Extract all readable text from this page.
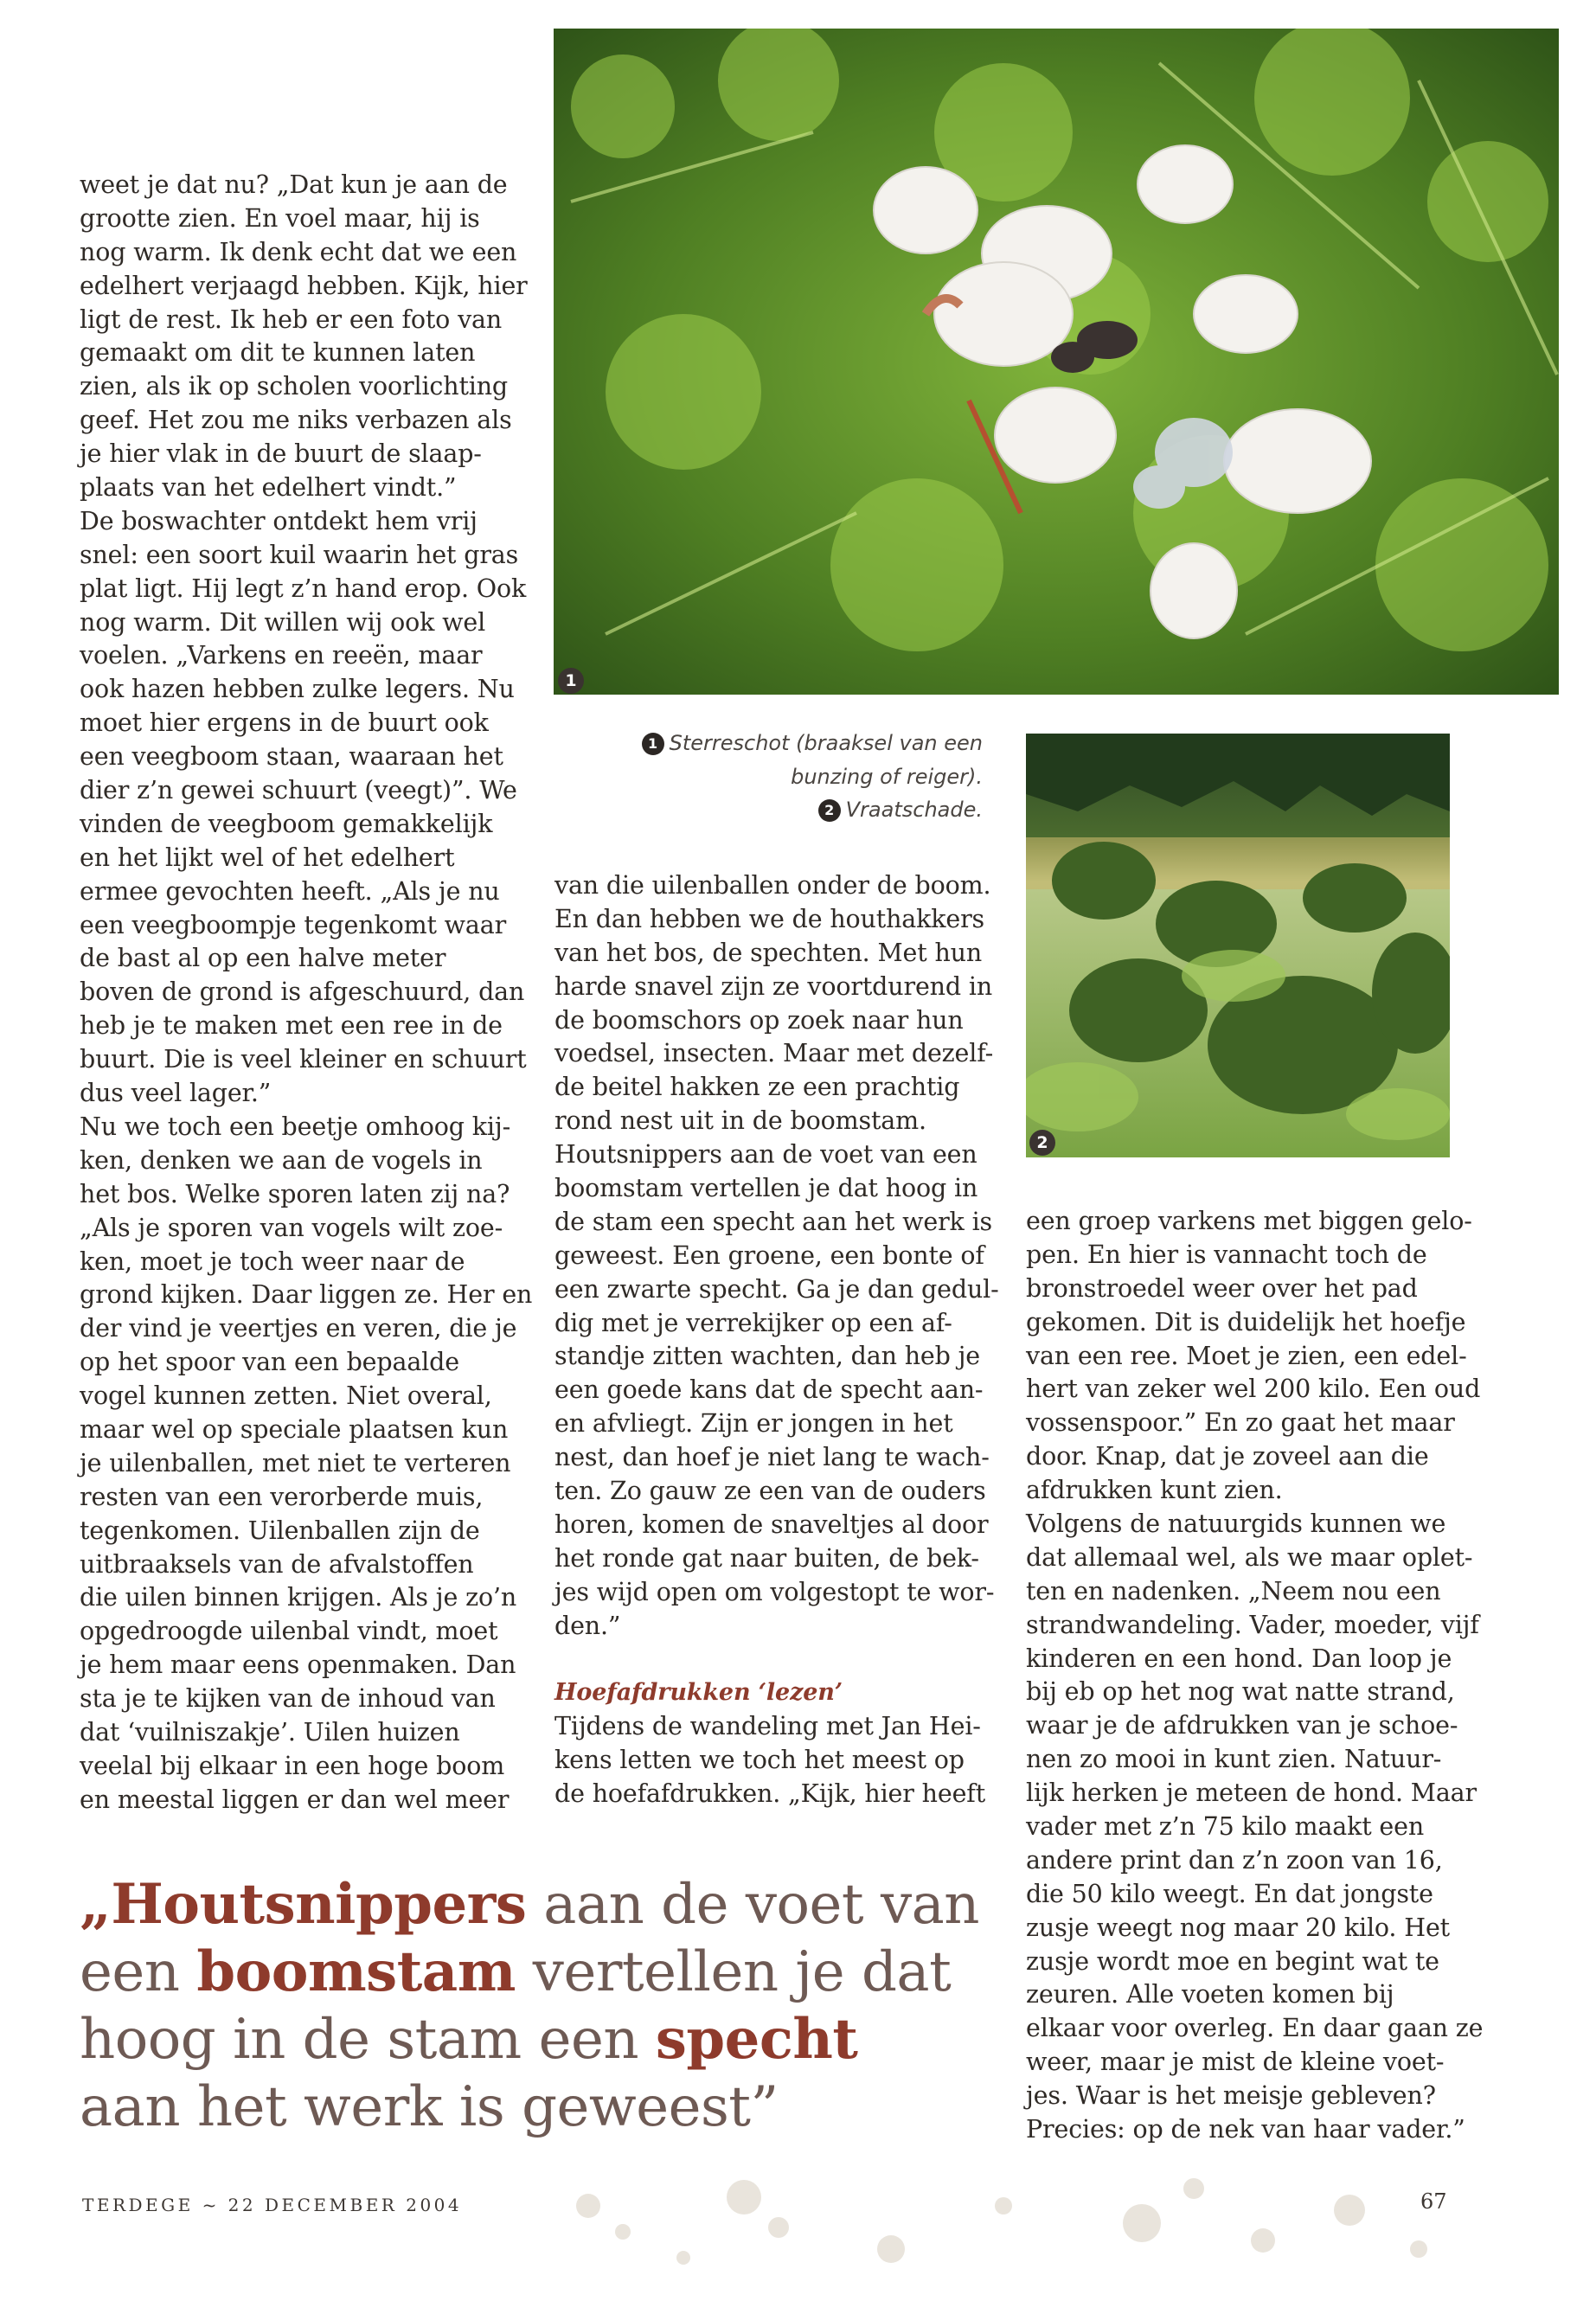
weet je dat nu? „Dat kun je aan de
grootte zien. En voel maar, hij is
nog warm. Ik denk echt dat we een
edelhert verjaagd hebben. Kijk, hier
ligt de rest. Ik heb er een foto van
gemaakt om dit te kunnen laten
zien, als ik op scholen voorlichting
geef. Het zou me niks verbazen als
je hier vlak in de buurt de slaap-
plaats van het edelhert vindt.”
De boswachter ontdekt hem vrij
snel: een soort kuil waarin het gras
plat ligt. Hij legt z’n hand erop. Ook
nog warm. Dit willen wij ook wel
voelen. „Varkens en reeën, maar
ook hazen hebben zulke legers. Nu
moet hier ergens in de buurt ook
een veegboom staan, waaraan het
dier z’n gewei schuurt (veegt)”. We
vinden de veegboom gemakkelijk
en het lijkt wel of het edelhert
ermee gevochten heeft. „Als je nu
een veegboompje tegenkomt waar
de bast al op een halve meter
boven de grond is afgeschuurd, dan
heb je te maken met een ree in de
buurt. Die is veel kleiner en schuurt
dus veel lager.”
Nu we toch een beetje omhoog kij-
ken, denken we aan de vogels in
het bos. Welke sporen laten zij na?
„Als je sporen van vogels wilt zoe-
ken, moet je toch weer naar de
grond kijken. Daar liggen ze. Her en
der vind je veertjes en veren, die je
op het spoor van een bepaalde
vogel kunnen zetten. Niet overal,
maar wel op speciale plaatsen kun
je uilenballen, met niet te verteren
resten van een verorberde muis,
tegenkomen. Uilenballen zijn de
uitbraaksels van de afvalstoffen
die uilen binnen krijgen. Als je zo’n
opgedroogde uilenbal vindt, moet
je hem maar eens openmaken. Dan
sta je te kijken van de inhoud van
dat ‘vuilniszakje’. Uilen huizen
veelal bij elkaar in een hoge boom
en meestal liggen er dan wel meer
1
1 Sterreschot (braaksel van een
bunzing of reiger).
2 Vraatschade.
2
van die uilenballen onder de boom.
En dan hebben we de houthakkers
van het bos, de spechten. Met hun
harde snavel zijn ze voortdurend in
de boomschors op zoek naar hun
voedsel, insecten. Maar met dezelf-
de beitel hakken ze een prachtig
rond nest uit in de boomstam.
Houtsnippers aan de voet van een
boomstam vertellen je dat hoog in
de stam een specht aan het werk is
geweest. Een groene, een bonte of
een zwarte specht. Ga je dan gedul-
dig met je verrekijker op een af-
standje zitten wachten, dan heb je
een goede kans dat de specht aan-
en afvliegt. Zijn er jongen in het
nest, dan hoef je niet lang te wach-
ten. Zo gauw ze een van de ouders
horen, komen de snaveltjes al door
het ronde gat naar buiten, de bek-
jes wijd open om volgestopt te wor-
den.”
Hoefafdrukken ‘lezen’
Tijdens de wandeling met Jan Hei-
kens letten we toch het meest op
de hoefafdrukken. „Kijk, hier heeft
een groep varkens met biggen gelo-
pen. En hier is vannacht toch de
bronstroedel weer over het pad
gekomen. Dit is duidelijk het hoefje
van een ree. Moet je zien, een edel-
hert van zeker wel 200 kilo. Een oud
vossenspoor.” En zo gaat het maar
door. Knap, dat je zoveel aan die
afdrukken kunt zien.
Volgens de natuurgids kunnen we
dat allemaal wel, als we maar oplet-
ten en nadenken. „Neem nou een
strandwandeling. Vader, moeder, vijf
kinderen en een hond. Dan loop je
bij eb op het nog wat natte strand,
waar je de afdrukken van je schoe-
nen zo mooi in kunt zien. Natuur-
lijk herken je meteen de hond. Maar
vader met z’n 75 kilo maakt een
andere print dan z’n zoon van 16,
die 50 kilo weegt. En dat jongste
zusje weegt nog maar 20 kilo. Het
zusje wordt moe en begint wat te
zeuren. Alle voeten komen bij
elkaar voor overleg. En daar gaan ze
weer, maar je mist de kleine voet-
jes. Waar is het meisje gebleven?
Precies: op de nek van haar vader.”
„Houtsnippers aan de voet van
een boomstam vertellen je dat
hoog in de stam een specht
aan het werk is geweest”
TERDEGE ~ 22 DECEMBER 2004	67
